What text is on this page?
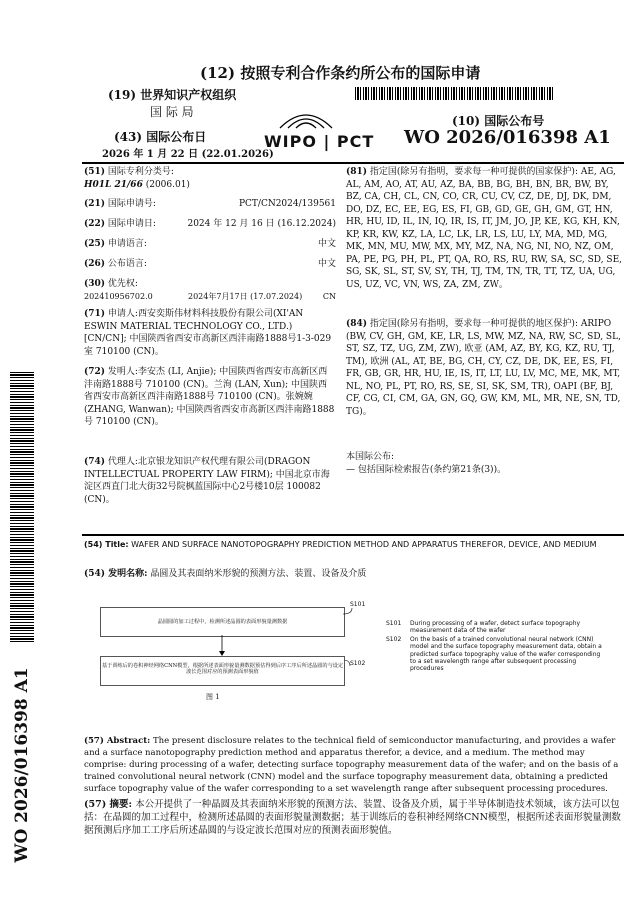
WO 2026/016398 A1
(12) 按照专利合作条约所公布的国际申请
(19) 世界知识产权组织
国 际 局
(43) 国际公布日
2026 年 1 月 22 日 (22.01.2026)
WIPO | PCT
(10) 国际公布号
WO 2026/016398 A1
(51) 国际专利分类号:
H01L 21/66 (2006.01)
(21) 国际申请号:	PCT/CN2024/139561
(22) 国际申请日:	2024 年 12 月 16 日 (16.12.2024)
(25) 申请语言:	中文
(26) 公布语言:	中文
(30) 优先权:
202410956702.0	2024年7月17日 (17.07.2024)	CN
(71) 申请人:西安奕斯伟材料科技股份有限公司(XI'AN ESWIN MATERIAL TECHNOLOGY CO., LTD.) [CN/CN]; 中国陕西省西安市高新区西沣南路1888号1-3-029室 710100 (CN)。
(72) 发明人:李安杰 (LI, Anjie); 中国陕西省西安市高新区西沣南路1888号 710100 (CN)。兰洵 (LAN, Xun); 中国陕西省西安市高新区西沣南路1888号 710100 (CN)。张婉婉 (ZHANG, Wanwan); 中国陕西省西安市高新区西沣南路1888号 710100 (CN)。
(74) 代理人:北京银龙知识产权代理有限公司(DRAGON INTELLECTUAL PROPERTY LAW FIRM); 中国北京市海淀区西直门北大街32号院枫蓝国际中心2号楼10层 100082 (CN)。
(81) 指定国(除另有指明，要求每一种可提供的国家保护): AE, AG, AL, AM, AO, AT, AU, AZ, BA, BB, BG, BH, BN, BR, BW, BY, BZ, CA, CH, CL, CN, CO, CR, CU, CV, CZ, DE, DJ, DK, DM, DO, DZ, EC, EE, EG, ES, FI, GB, GD, GE, GH, GM, GT, HN, HR, HU, ID, IL, IN, IQ, IR, IS, IT, JM, JO, JP, KE, KG, KH, KN, KP, KR, KW, KZ, LA, LC, LK, LR, LS, LU, LY, MA, MD, MG, MK, MN, MU, MW, MX, MY, MZ, NA, NG, NI, NO, NZ, OM, PA, PE, PG, PH, PL, PT, QA, RO, RS, RU, RW, SA, SC, SD, SE, SG, SK, SL, ST, SV, SY, TH, TJ, TM, TN, TR, TT, TZ, UA, UG, US, UZ, VC, VN, WS, ZA, ZM, ZW。
(84) 指定国(除另有指明，要求每一种可提供的地区保护): ARIPO (BW, CV, GH, GM, KE, LR, LS, MW, MZ, NA, RW, SC, SD, SL, ST, SZ, TZ, UG, ZM, ZW), 欧亚 (AM, AZ, BY, KG, KZ, RU, TJ, TM), 欧洲 (AL, AT, BE, BG, CH, CY, CZ, DE, DK, EE, ES, FI, FR, GB, GR, HR, HU, IE, IS, IT, LT, LU, LV, MC, ME, MK, MT, NL, NO, PL, PT, RO, RS, SE, SI, SK, SM, TR), OAPI (BF, BJ, CF, CG, CI, CM, GA, GN, GQ, GW, KM, ML, MR, NE, SN, TD, TG)。
本国际公布:
— 包括国际检索报告(条约第21条(3))。
(54) Title: WAFER AND SURFACE NANOTOPOGRAPHY PREDICTION METHOD AND APPARATUS THEREFOR, DEVICE, AND MEDIUM
(54) 发明名称: 晶圆及其表面纳米形貌的预测方法、装置、设备及介质
晶圆圆的加工过程中，检测所述晶圆的表面形貌量测数据
基于训练后的卷积神经网络CNN模型，根据所述表面形貌量测数据预估得到后序工序后所述晶圆的与设定波长范围对应的预测表面形貌值
S101
S102
图 1
S101	During processing of a wafer, detect surface topography measurement data of the wafer
S102	On the basis of a trained convolutional neural network (CNN) model and the surface topography measurement data, obtain a predicted surface topography value of the wafer corresponding to a set wavelength range after subsequent processing procedures
(57) Abstract: The present disclosure relates to the technical field of semiconductor manufacturing, and provides a wafer and a surface nanotopography prediction method and apparatus therefor, a device, and a medium. The method may comprise: during processing of a wafer, detecting surface topography measurement data of the wafer; and on the basis of a trained convolutional neural network (CNN) model and the surface topography measurement data, obtaining a predicted surface topography value of the wafer corresponding to a set wavelength range after subsequent processing procedures.
(57) 摘要: 本公开提供了一种晶圆及其表面纳米形貌的预测方法、装置、设备及介质，属于半导体制造技术领域，该方法可以包括：在晶圆的加工过程中，检测所述晶圆的表面形貌量测数据；基于训练后的卷积神经网络CNN模型，根据所述表面形貌量测数据预测后序加工工序后所述晶圆的与设定波长范围对应的预测表面形貌值。
